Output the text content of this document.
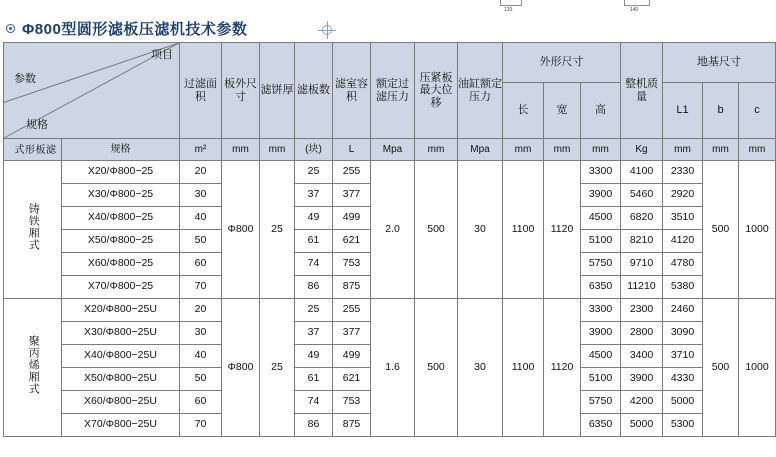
120	140
Φ800型圆形滤板压滤机技术参数
项目
参数
规格		过滤面积	板外尺寸	滤饼厚	滤板数	滤室容积	额定过滤压力	压紧板最大位移	油缸额定压力	外形尺寸			整机质量	地基尺寸		
										长	宽	高		L1	b	c
滤板形式	规格	m²	mm	mm	(块)	L	Mpa	mm	Mpa	mm	mm	mm	Kg	mm	mm	mm
铸铁厢式	X20/Φ800−25	20	Φ800	25	25	255	2.0	500	30	1100	1120	3300	4100	2330	500	1000
	X30/Φ800−25	30			37	377						3900	5460	2920		
	X40/Φ800−25	40			49	499						4500	6820	3510		
	X50/Φ800−25	50			61	621						5100	8210	4120		
	X60/Φ800−25	60			74	753						5750	9710	4780		
	X70/Φ800−25	70			86	875						6350	11210	5380		
聚丙烯厢式	X20/Φ800−25U	20	Φ800	25	25	255	1.6	500	30	1100	1120	3300	2300	2460	500	1000
	X30/Φ800−25U	30			37	377						3900	2800	3090		
	X40/Φ800−25U	40			49	499						4500	3400	3710		
	X50/Φ800−25U	50			61	621						5100	3900	4330		
	X60/Φ800−25U	60			74	753						5750	4200	5000		
	X70/Φ800−25U	70			86	875						6350	5000	5300		
